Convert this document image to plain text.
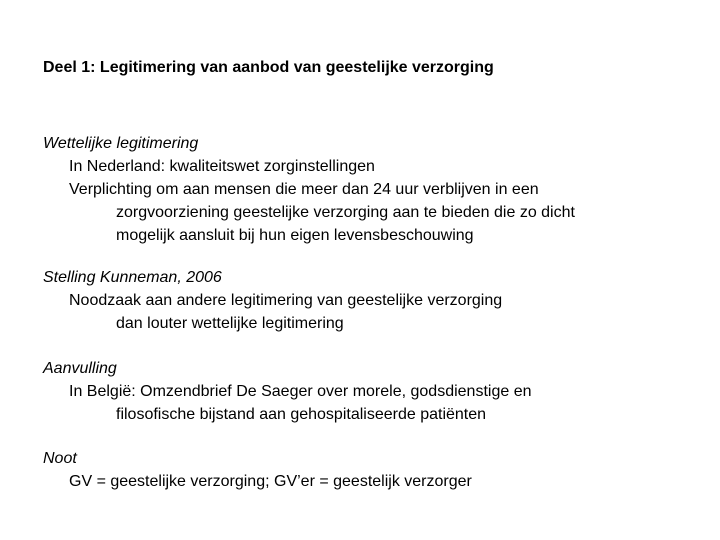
Deel 1: Legitimering van aanbod van geestelijke verzorging
Wettelijke legitimering
In Nederland: kwaliteitswet zorginstellingen
Verplichting om aan mensen die meer dan 24 uur verblijven in een
zorgvoorziening geestelijke verzorging aan te bieden die zo dicht
mogelijk aansluit bij hun eigen levensbeschouwing
Stelling Kunneman, 2006
Noodzaak aan andere legitimering van geestelijke verzorging
dan louter wettelijke legitimering
Aanvulling
In België: Omzendbrief De Saeger over morele, godsdienstige en
filosofische bijstand aan gehospitaliseerde patiënten
Noot
GV = geestelijke verzorging; GV’er = geestelijk verzorger
